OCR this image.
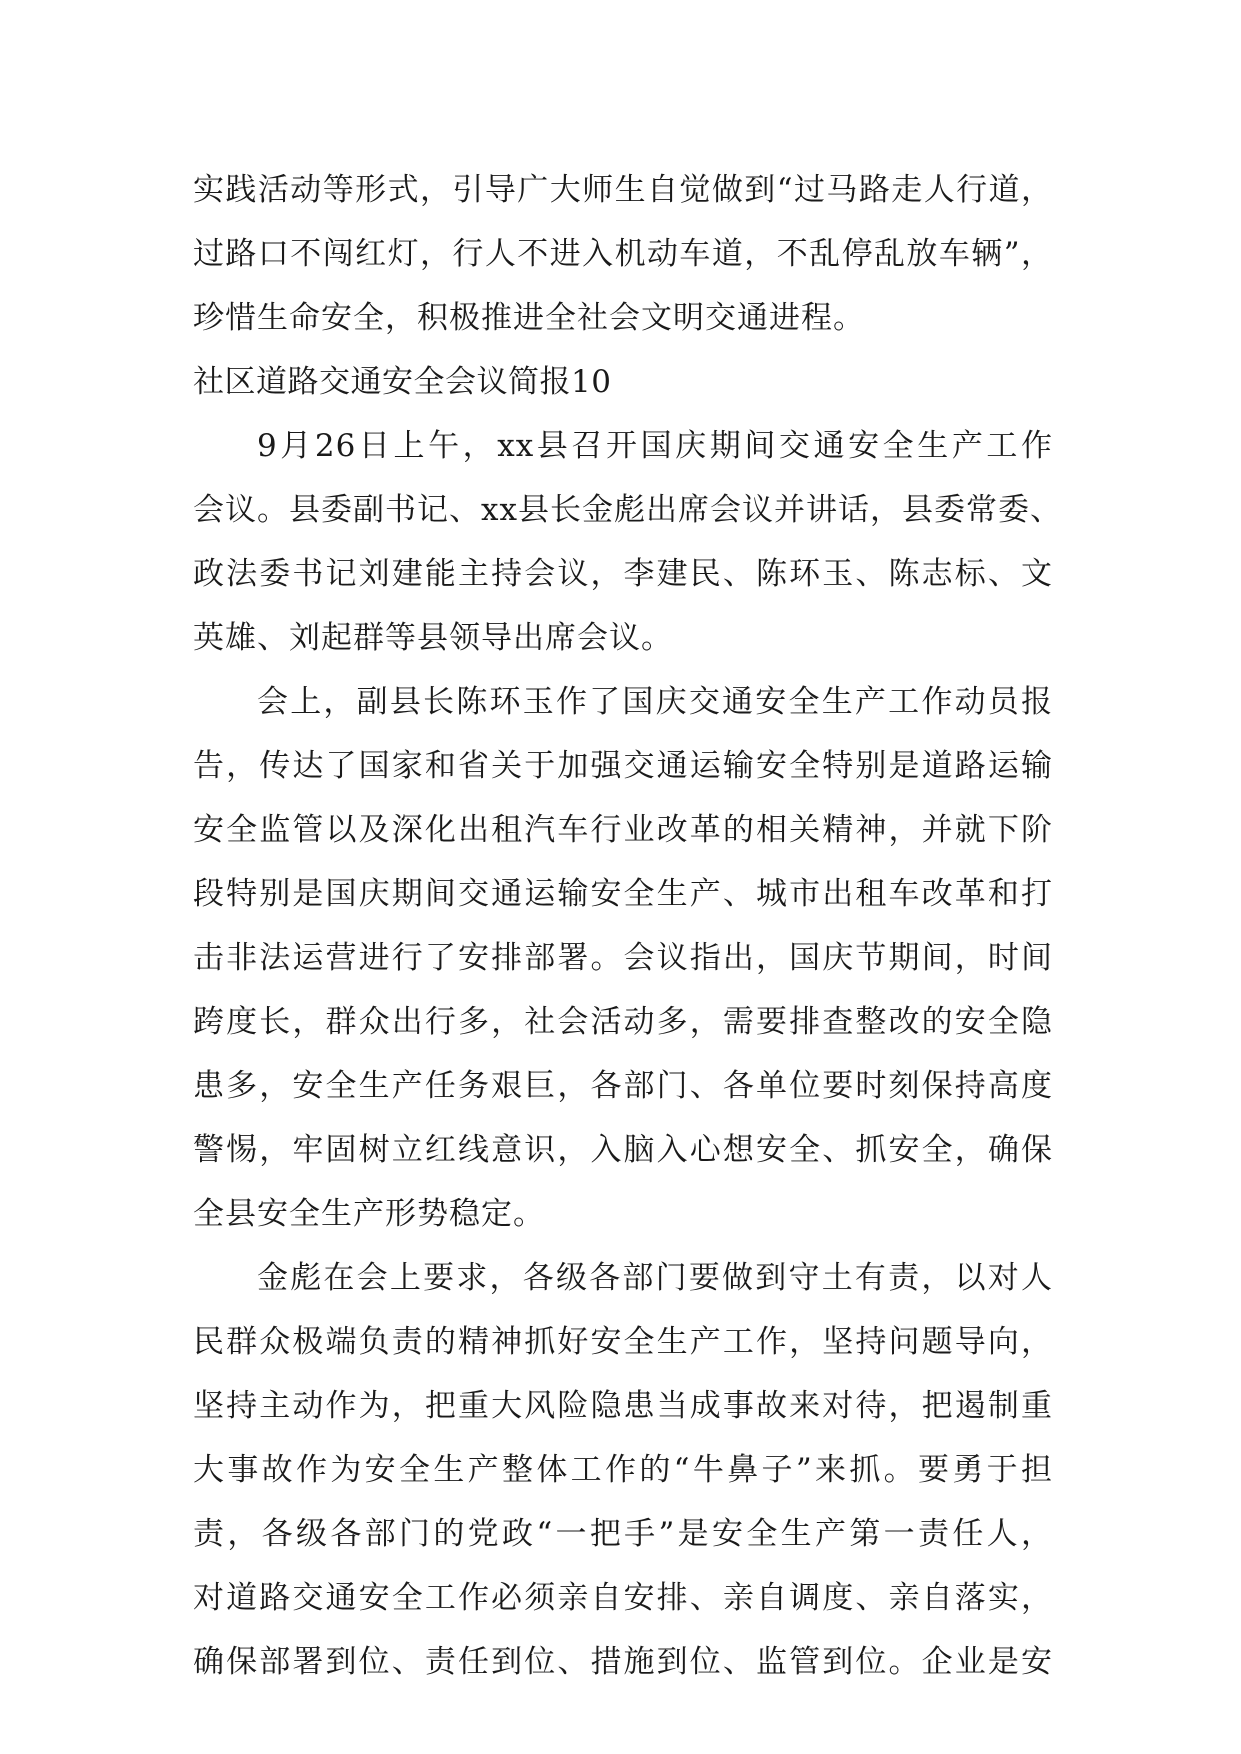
实践活动等形式，引导广大师生自觉做到“过马路走人行道，
过路口不闯红灯，行人不进入机动车道，不乱停乱放车辆”，
珍惜生命安全，积极推进全社会文明交通进程。
社区道路交通安全会议简报10
9月26日上午，xx县召开国庆期间交通安全生产工作
会议。县委副书记、xx县长金彪出席会议并讲话，县委常委、
政法委书记刘建能主持会议，李建民、陈环玉、陈志标、文
英雄、刘起群等县领导出席会议。
会上，副县长陈环玉作了国庆交通安全生产工作动员报
告，传达了国家和省关于加强交通运输安全特别是道路运输
安全监管以及深化出租汽车行业改革的相关精神，并就下阶
段特别是国庆期间交通运输安全生产、城市出租车改革和打
击非法运营进行了安排部署。会议指出，国庆节期间，时间
跨度长，群众出行多，社会活动多，需要排查整改的安全隐
患多，安全生产任务艰巨，各部门、各单位要时刻保持高度
警惕，牢固树立红线意识，入脑入心想安全、抓安全，确保
全县安全生产形势稳定。
金彪在会上要求，各级各部门要做到守土有责，以对人
民群众极端负责的精神抓好安全生产工作，坚持问题导向，
坚持主动作为，把重大风险隐患当成事故来对待，把遏制重
大事故作为安全生产整体工作的“牛鼻子”来抓。要勇于担
责，各级各部门的党政“一把手”是安全生产第一责任人，
对道路交通安全工作必须亲自安排、亲自调度、亲自落实，
确保部署到位、责任到位、措施到位、监管到位。企业是安
